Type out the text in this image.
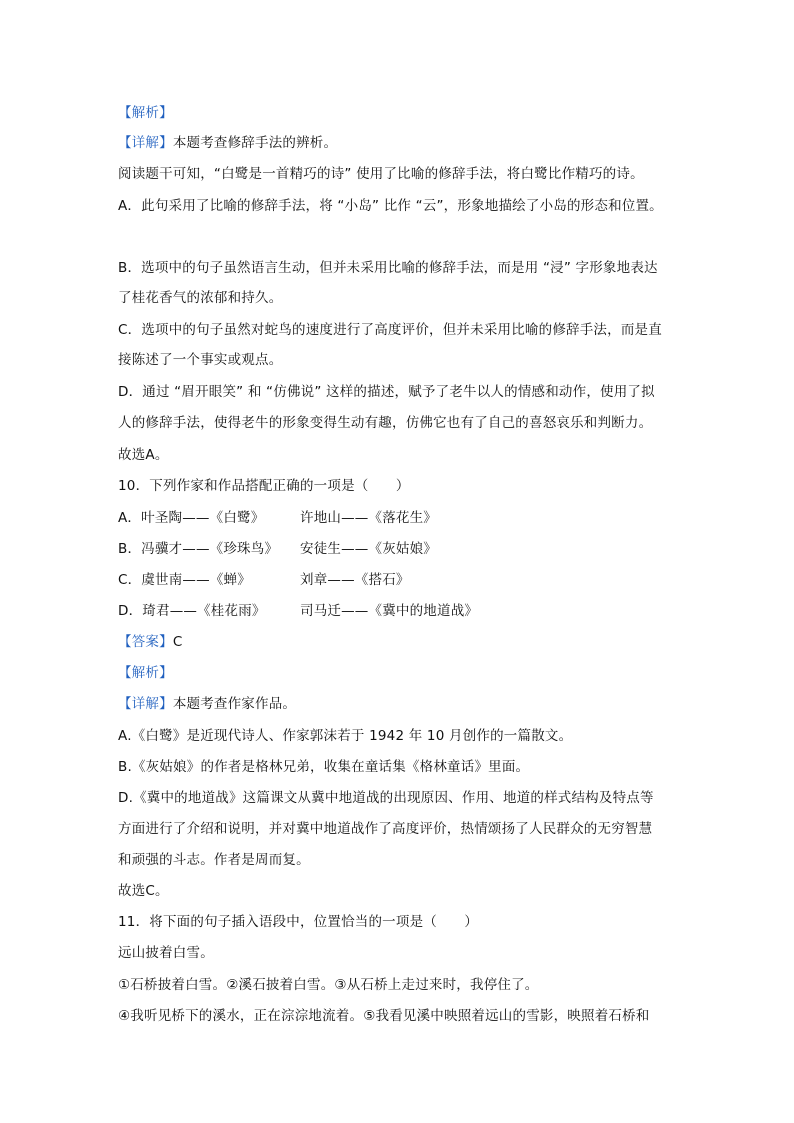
【解析】
【详解】本题考查修辞手法的辨析。
阅读题干可知，“白鹭是一首精巧的诗” 使用了比喻的修辞手法，将白鹭比作精巧的诗。
A．此句采用了比喻的修辞手法，将 “小岛” 比作 “云”，形象地描绘了小岛的形态和位置。
B．选项中的句子虽然语言生动，但并未采用比喻的修辞手法，而是用 “浸” 字形象地表达
了桂花香气的浓郁和持久。
C．选项中的句子虽然对蛇鸟的速度进行了高度评价，但并未采用比喻的修辞手法，而是直
接陈述了一个事实或观点。
D．通过 “眉开眼笑” 和 “仿佛说” 这样的描述，赋予了老牛以人的情感和动作，使用了拟
人的修辞手法，使得老牛的形象变得生动有趣，仿佛它也有了自己的喜怒哀乐和判断力。
故选A。
10．下列作家和作品搭配正确的一项是（　　）
A．叶圣陶——《白鹭》	许地山——《落花生》
B．冯骥才——《珍珠鸟》 安徒生——《灰姑娘》
C．虞世南——《蝉》	刘章——《搭石》
D．琦君——《桂花雨》	司马迁——《冀中的地道战》
【答案】C
【解析】
【详解】本题考查作家作品。
A.《白鹭》是近现代诗人、作家郭沫若于 1942 年 10 月创作的一篇散文。
B.《灰姑娘》的作者是格林兄弟，收集在童话集《格林童话》里面。
D.《冀中的地道战》这篇课文从冀中地道战的出现原因、作用、地道的样式结构及特点等
方面进行了介绍和说明，并对冀中地道战作了高度评价，热情颂扬了人民群众的无穷智慧
和顽强的斗志。作者是周而复。
故选C。
11．将下面的句子插入语段中，位置恰当的一项是（　　）
远山披着白雪。
①石桥披着白雪。②溪石披着白雪。③从石桥上走过来时，我停住了。
④我听见桥下的溪水，正在淙淙地流着。⑤我看见溪中映照着远山的雪影，映照着石桥和
